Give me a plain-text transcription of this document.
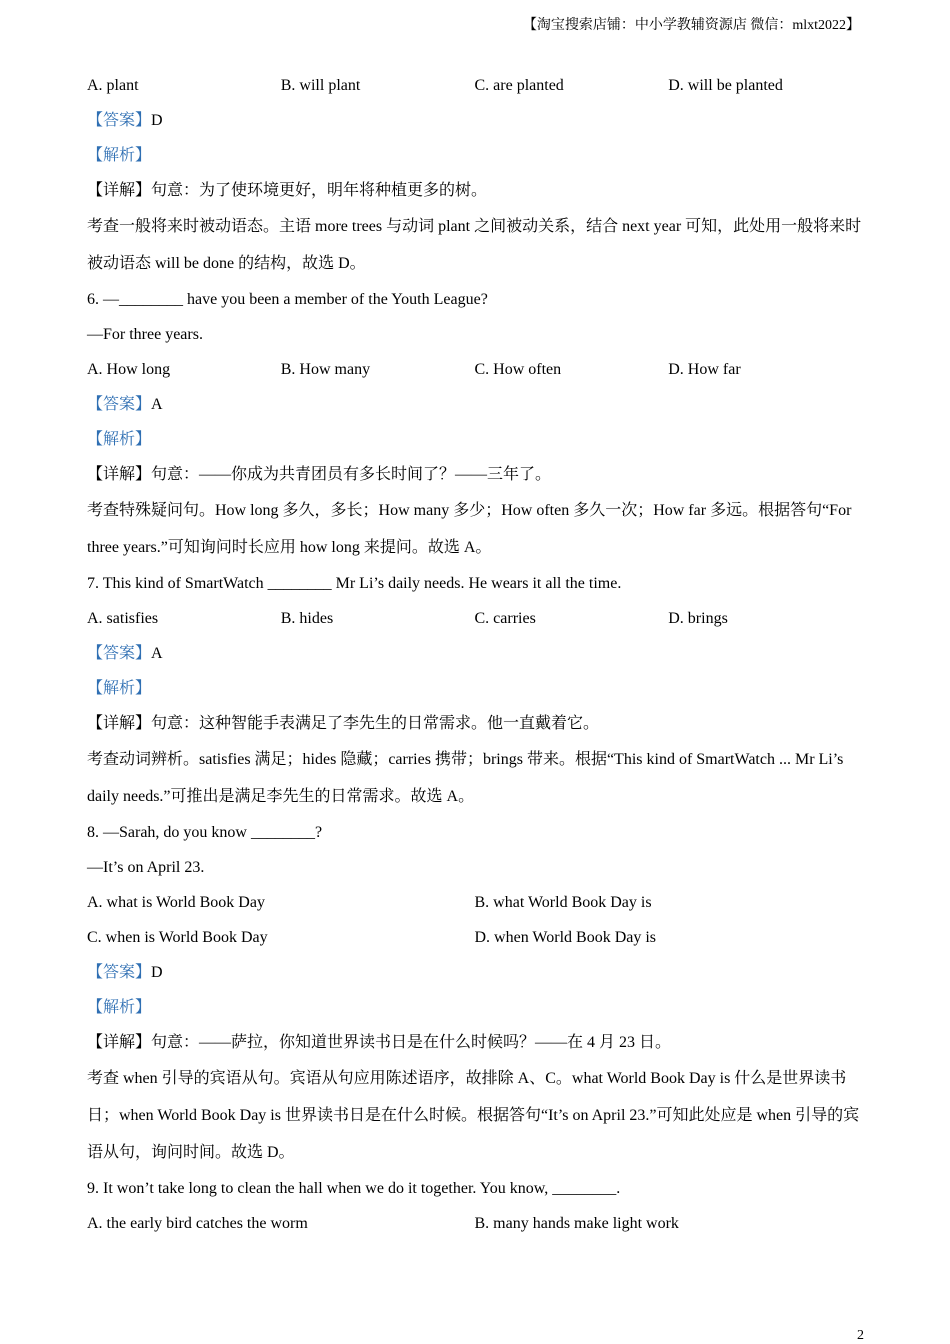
【淘宝搜索店铺：中小学教辅资源店 微信：mlxt2022】
A. plant	B. will plant	C. are planted	D. will be planted
【答案】D
【解析】
【详解】句意：为了使环境更好，明年将种植更多的树。
考查一般将来时被动语态。主语 more trees 与动词 plant 之间被动关系，结合 next year 可知，此处用一般将来时被动语态 will be done 的结构，故选 D。
6. —________ have you been a member of the Youth League?
—For three years.
A. How long	B. How many	C. How often	D. How far
【答案】A
【解析】
【详解】句意：——你成为共青团员有多长时间了？——三年了。
考查特殊疑问句。How long 多久，多长；How many 多少；How often 多久一次；How far 多远。根据答句“For three years.”可知询问时长应用 how long 来提问。故选 A。
7. This kind of SmartWatch ________ Mr Li’s daily needs. He wears it all the time.
A. satisfies	B. hides	C. carries	D. brings
【答案】A
【解析】
【详解】句意：这种智能手表满足了李先生的日常需求。他一直戴着它。
考查动词辨析。satisfies 满足；hides 隐藏；carries 携带；brings 带来。根据“This kind of SmartWatch ... Mr Li’s daily needs.”可推出是满足李先生的日常需求。故选 A。
8. —Sarah, do you know ________?
—It’s on April 23.
A. what is World Book Day	B. what World Book Day is
C. when is World Book Day	D. when World Book Day is
【答案】D
【解析】
【详解】句意：——萨拉，你知道世界读书日是在什么时候吗？——在 4 月 23 日。
考查 when 引导的宾语从句。宾语从句应用陈述语序，故排除 A、C。what World Book Day is 什么是世界读书日；when World Book Day is 世界读书日是在什么时候。根据答句“It’s on April 23.”可知此处应是 when 引导的宾语从句，询问时间。故选 D。
9. It won’t take long to clean the hall when we do it together. You know, ________.
A. the early bird catches the worm	B. many hands make light work
2
